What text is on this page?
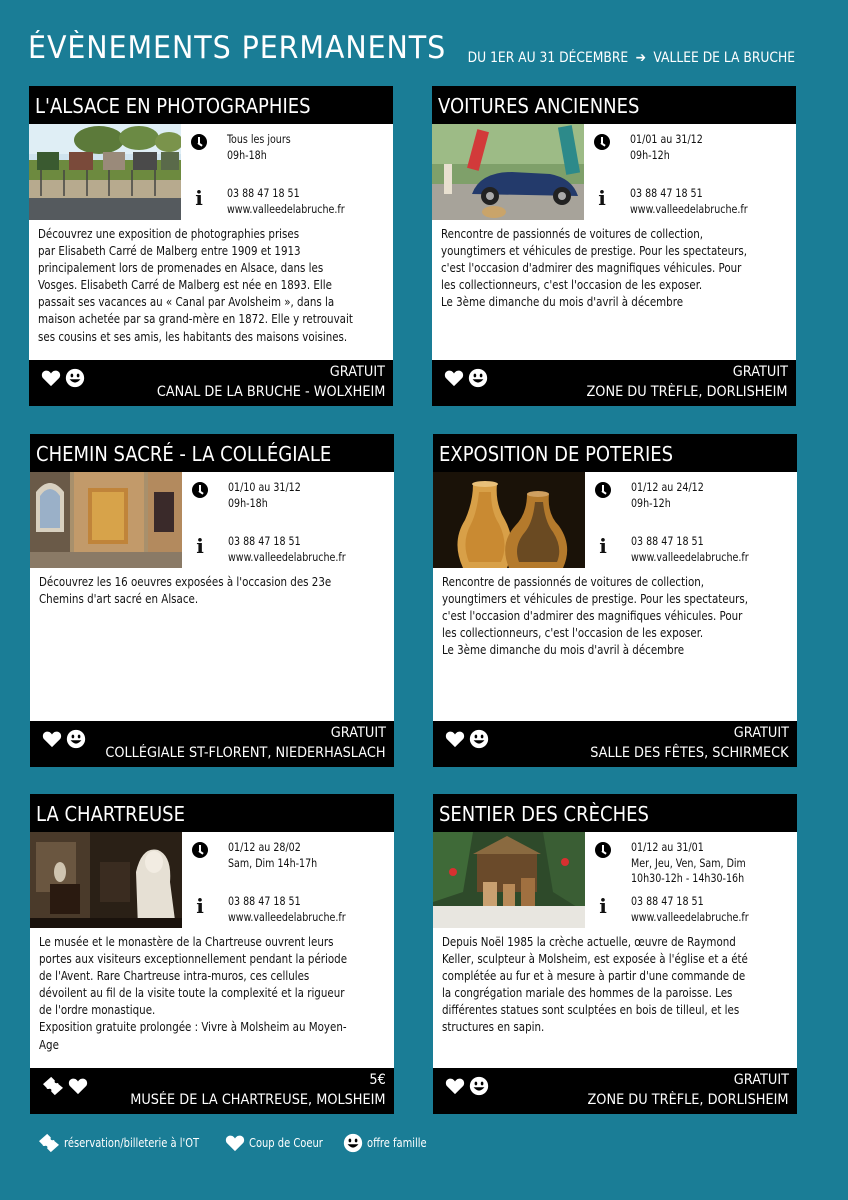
ÉVÈNEMENTS PERMANENTS DU 1ER AU 31 DÉCEMBRE ➔ VALLEE DE LA BRUCHE
L'ALSACE EN PHOTOGRAPHIES
Tous les jours
09h-18h
i	03 88 47 18 51
www.valleedelabruche.fr
Découvrez une exposition de photographies prises
par Elisabeth Carré de Malberg entre 1909 et 1913
principalement lors de promenades en Alsace, dans les
Vosges. Elisabeth Carré de Malberg est née en 1893. Elle
passait ses vacances au « Canal par Avolsheim », dans la
maison achetée par sa grand-mère en 1872. Elle y retrouvait
ses cousins et ses amis, les habitants des maisons voisines.
GRATUIT
CANAL DE LA BRUCHE - WOLXHEIM
VOITURES ANCIENNES
01/01 au 31/12
09h-12h
i	03 88 47 18 51
www.valleedelabruche.fr
Rencontre de passionnés de voitures de collection,
youngtimers et véhicules de prestige. Pour les spectateurs,
c'est l'occasion d'admirer des magnifiques véhicules. Pour
les collectionneurs, c'est l'occasion de les exposer.
Le 3ème dimanche du mois d'avril à décembre
GRATUIT
ZONE DU TRÈFLE, DORLISHEIM
CHEMIN SACRÉ - LA COLLÉGIALE
01/10 au 31/12
09h-18h
i	03 88 47 18 51
www.valleedelabruche.fr
Découvrez les 16 oeuvres exposées à l'occasion des 23e
Chemins d'art sacré en Alsace.
GRATUIT
COLLÉGIALE ST-FLORENT, NIEDERHASLACH
EXPOSITION DE POTERIES
01/12 au 24/12
09h-12h
i	03 88 47 18 51
www.valleedelabruche.fr
Rencontre de passionnés de voitures de collection,
youngtimers et véhicules de prestige. Pour les spectateurs,
c'est l'occasion d'admirer des magnifiques véhicules. Pour
les collectionneurs, c'est l'occasion de les exposer.
Le 3ème dimanche du mois d'avril à décembre
GRATUIT
SALLE DES FÊTES, SCHIRMECK
LA CHARTREUSE
01/12 au 28/02
Sam, Dim 14h-17h
i	03 88 47 18 51
www.valleedelabruche.fr
Le musée et le monastère de la Chartreuse ouvrent leurs
portes aux visiteurs exceptionnellement pendant la période
de l'Avent. Rare Chartreuse intra-muros, ces cellules
dévoilent au fil de la visite toute la complexité et la rigueur
de l'ordre monastique.
Exposition gratuite prolongée : Vivre à Molsheim au Moyen-
Age
5€
MUSÉE DE LA CHARTREUSE, MOLSHEIM
SENTIER DES CRÈCHES
01/12 au 31/01
Mer, Jeu, Ven, Sam, Dim
10h30-12h - 14h30-16h
i	03 88 47 18 51
www.valleedelabruche.fr
Depuis Noël 1985 la crèche actuelle, œuvre de Raymond
Keller, sculpteur à Molsheim, est exposée à l'église et a été
complétée au fur et à mesure à partir d'une commande de
la congrégation mariale des hommes de la paroisse. Les
différentes statues sont sculptées en bois de tilleul, et les
structures en sapin.
GRATUIT
ZONE DU TRÈFLE, DORLISHEIM
réservation/billeterie à l'OT	Coup de Coeur	offre famille
